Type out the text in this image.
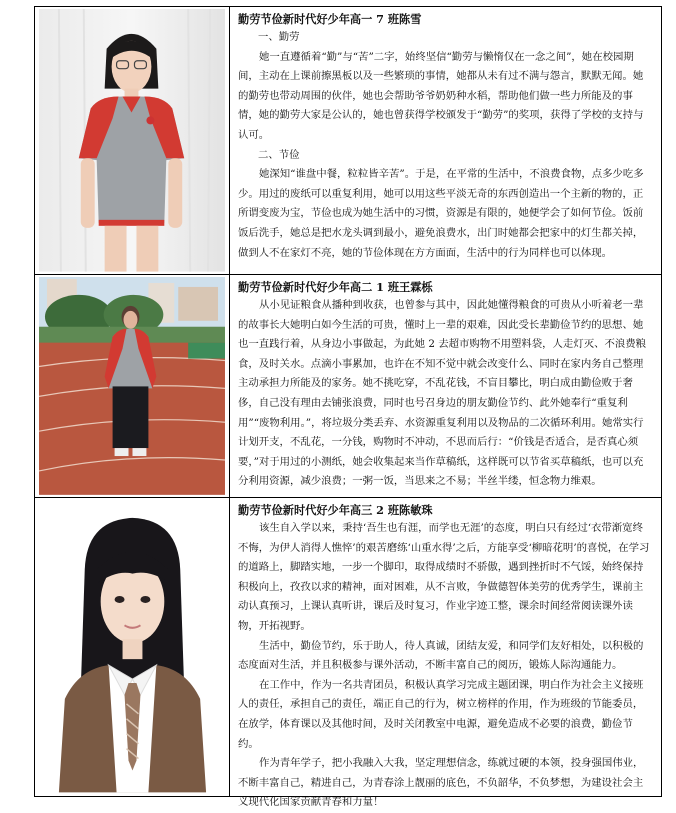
勤劳节俭新时代好少年高一 7 班陈雪
一、勤劳

她一直遵循着“勤”与“苦”二字，始终坚信“勤劳与懒惰仅在一念之间”，她在校园期间，主动在上课前擦黑板以及一些繁琐的事情，她都从未有过不满与怨言，默默无闻。她的勤劳也带动周围的伙伴，她也会帮助爷爷奶奶种水稻，帮助他们做一些力所能及的事情，她的勤劳大家是公认的，她也曾获得学校颁发于“勤劳”的奖项，获得了学校的支持与认可。

二、节俭

她深知“谁盘中餐，粒粒皆辛苦”。于是，在平常的生活中，不浪费食物，点多少吃多少。用过的废纸可以重复利用，她可以用这些平淡无奇的东西创造出一个主新的物的，正所谓变废为宝，节俭也成为她生活中的习惯，资源是有限的，她便学会了如何节俭。饭前饭后洗手，她总是把水龙头调到最小，避免浪费水，出门时她都会把家中的灯生都关掉，做到人不在家灯不亮，她的节俭体现在方方面面，生活中的行为同样也可以体现。

勤劳节俭新时代好少年高二 1 班王霖栎

从小见证粮食从播种到收获，也曾参与其中，因此她懂得粮食的可贵从小听着老一辈的故事长大她明白如今生活的可贵，懂时上一辈的艰难，因此受长辈勤俭节约的思想、她也一直践行着，从身边小事做起，为此她 2 去超市购物不用塑料袋，人走灯灭、不浪费粮食，及时关水。点滴小事累加，也许在不知不觉中就会改变什么、同时在家内务自己整理主动承担力所能及的家务。她不挑吃穿，不乱花钱，不盲目攀比，明白成由勤俭败于奢侈，自己没有理由去铺张浪费，同时也号召身边的朋友勤俭节约、此外她奉行“重复利用”“废物利用。”，将垃圾分类丢弃、水资源重复利用以及物品的二次循环利用。她常实行计划开支，不乱花，一分钱，购物时不冲动，不思而后行：“价钱是否适合，是否真心须要，”对于用过的小测纸，她会收集起来当作草稿纸，这样既可以节省买草稿纸，也可以充分利用资源，减少浪费；一粥一饭，当思来之不易；半丝半缕，恒念物力维艰。

勤劳节俭新时代好少年高三 2 班陈敏珠

该生自入学以来，秉持‘吾生也有涯，而学也无涯’的态度，明白只有经过‘衣带渐宽终不悔，为伊人消得人憔悴’的艰苦磨练‘山重水得’之后，方能享受‘柳暗花明’的喜悦，在学习的道路上，脚踏实地，一步一个脚印，取得成绩时不骄傲，遇到挫折时不气馁，始终保持积极向上，孜孜以求的精神，面对困难，从不言败，争做德智体美劳的优秀学生，课前主动认真预习，上课认真听讲，课后及时复习，作业字迹工整，课余时间经常阅读课外读物，开拓视野。

生活中，勤俭节约，乐于助人，待人真诚，团结友爱，和同学们友好相处，以积极的态度面对生活，并且积极参与课外活动，不断丰富自己的阅历，锻炼人际沟通能力。

在工作中，作为一名共青团员，积极认真学习完成主题团课，明白作为社会主义接班人的责任，承担自己的责任，端正自己的行为，树立榜样的作用，作为班级的节能委员，在放学，体育课以及其他时间，及时关闭教室中电源，避免造成不必要的浪费，勤俭节约。

作为青年学子，把小我融入大我，坚定理想信念，练就过硬的本领，投身强国伟业，不断丰富自己，精进自己，为青春涂上靓丽的底色，不负韶华，不负梦想，为建设社会主义现代化国家贡献青春和力量！
